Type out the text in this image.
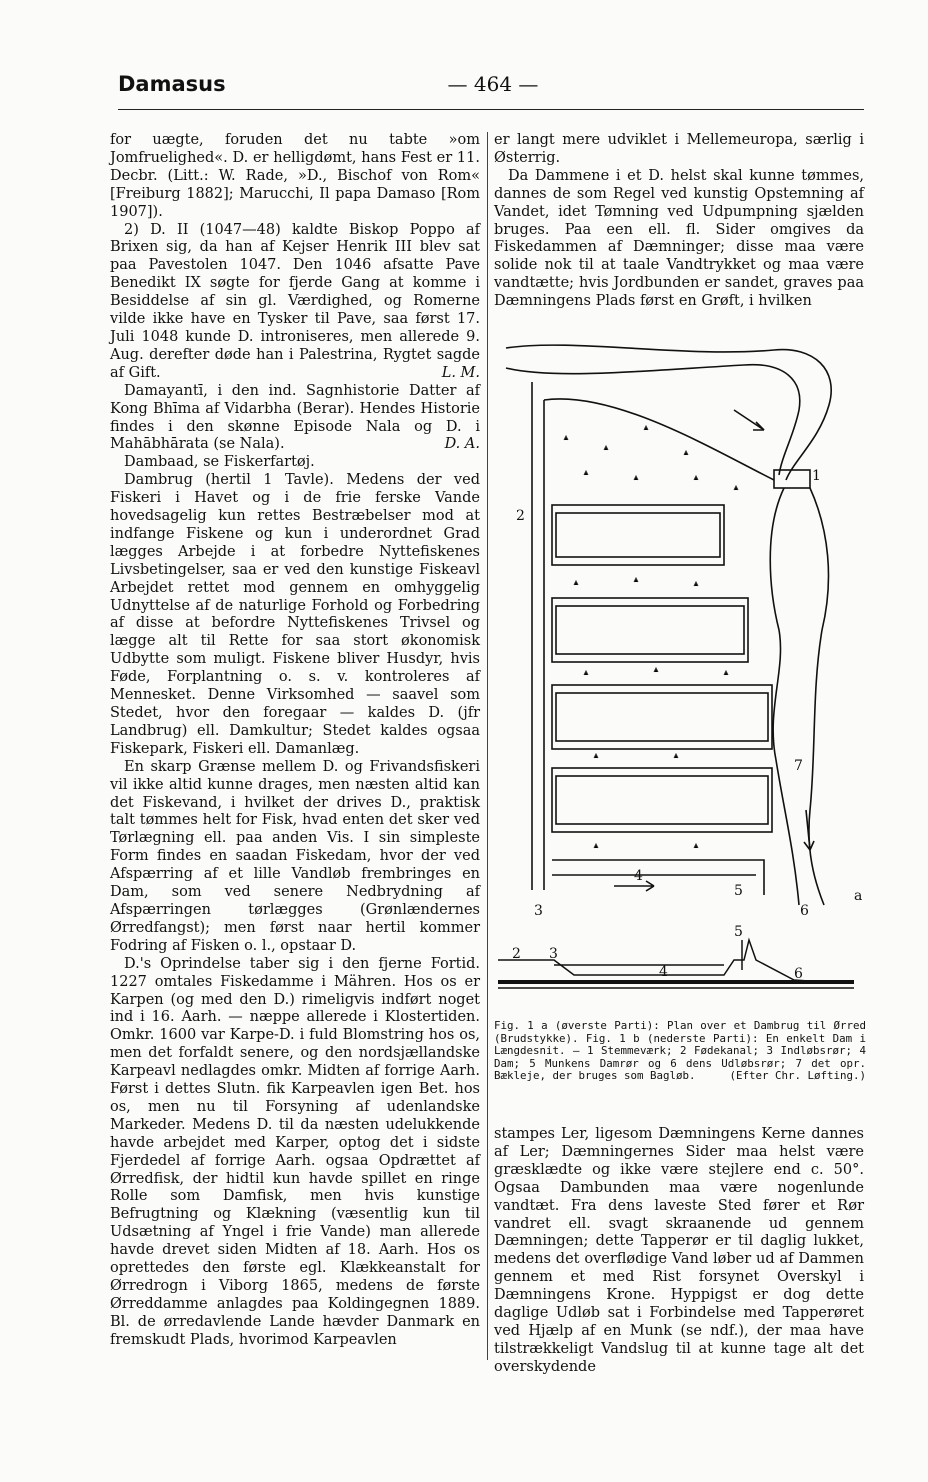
Damasus	— 464 —

for uægte, foruden det nu tabte »om Jomfruelighed«. D. er helligdømt, hans Fest er 11. Decbr. (Litt.: W. Rade, »D., Bischof von Rom« [Freiburg 1882]; Marucchi, Il papa Damaso [Rom 1907]).

2) D. II (1047—48) kaldte Biskop Poppo af Brixen sig, da han af Kejser Henrik III blev sat paa Pavestolen 1047. Den 1046 afsatte Pave Benedikt IX søgte for fjerde Gang at komme i Besiddelse af sin gl. Værdighed, og Romerne vilde ikke have en Tysker til Pave, saa først 17. Juli 1048 kunde D. introniseres, men allerede 9. Aug. derefter døde han i Palestrina, Rygtet sagde af Gift.	L. M.

Damayantī, i den ind. Sagnhistorie Datter af Kong Bhīma af Vidarbha (Berar). Hendes Historie findes i den skønne Episode Nala og D. i Mahābhārata (se Nala).	D. A.

Dambaad, se Fiskerfartøj.

Dambrug (hertil 1 Tavle). Medens der ved Fiskeri i Havet og i de frie ferske Vande hovedsagelig kun rettes Bestræbelser mod at indfange Fiskene og kun i underordnet Grad lægges Arbejde i at forbedre Nyttefiskenes Livsbetingelser, saa er ved den kunstige Fiskeavl Arbejdet rettet mod gennem en omhyggelig Udnyttelse af de naturlige Forhold og Forbedring af disse at befordre Nyttefiskenes Trivsel og lægge alt til Rette for saa stort økonomisk Udbytte som muligt. Fiskene bliver Husdyr, hvis Føde, Forplantning o. s. v. kontroleres af Mennesket. Denne Virksomhed — saavel som Stedet, hvor den foregaar — kaldes D. (jfr Landbrug) ell. Damkultur; Stedet kaldes ogsaa Fiskepark, Fiskeri ell. Damanlæg.

En skarp Grænse mellem D. og Frivandsfiskeri vil ikke altid kunne drages, men næsten altid kan det Fiskevand, i hvilket der drives D., praktisk talt tømmes helt for Fisk, hvad enten det sker ved Tørlægning ell. paa anden Vis. I sin simpleste Form findes en saadan Fiskedam, hvor der ved Afspærring af et lille Vandløb frembringes en Dam, som ved senere Nedbrydning af Afspærringen tørlægges (Grønlændernes Ørredfangst); men først naar hertil kommer Fodring af Fisken o. l., opstaar D.

D.'s Oprindelse taber sig i den fjerne Fortid. 1227 omtales Fiskedamme i Mähren. Hos os er Karpen (og med den D.) rimeligvis indført noget ind i 16. Aarh. — næppe allerede i Klostertiden. Omkr. 1600 var Karpe-D. i fuld Blomstring hos os, men det forfaldt senere, og den nordsjællandske Karpeavl nedlagdes omkr. Midten af forrige Aarh. Først i dettes Slutn. fik Karpeavlen igen Bet. hos os, men nu til Forsyning af udenlandske Markeder. Medens D. til da næsten udelukkende havde arbejdet med Karper, optog det i sidste Fjerdedel af forrige Aarh. ogsaa Opdrættet af Ørredfisk, der hidtil kun havde spillet en ringe Rolle som Damfisk, men hvis kunstige Befrugtning og Klækning (væsentlig kun til Udsætning af Yngel i frie Vande) man allerede havde drevet siden Midten af 18. Aarh. Hos os oprettedes den første egl. Klækkeanstalt for Ørredrogn i Viborg 1865, medens de første Ørreddamme anlagdes paa Koldingegnen 1889. Bl. de ørredavlende Lande hævder Danmark en fremskudt Plads, hvorimod Karpeavlen

er langt mere udviklet i Mellemeuropa, særlig i Østerrig.

Da Dammene i et D. helst skal kunne tømmes, dannes de som Regel ved kunstig Opstemning af Vandet, idet Tømning ved Udpumpning sjælden bruges. Paa een ell. fl. Sider omgives da Fiskedammen af Dæmninger; disse maa være solide nok til at taale Vandtrykket og maa være vandtætte; hvis Jordbunden er sandet, graves paa Dæmningens Plads først en Grøft, i hvilken

1
2
3
4
5
6
7
a
2 3
4
5
6

Fig. 1 a (øverste Parti): Plan over et Dambrug til Ørred (Brudstykke). Fig. 1 b (nederste Parti): En enkelt Dam i Længdesnit. — 1 Stemmeværk; 2 Fødekanal; 3 Indløbsrør; 4 Dam; 5 Munkens Damrør og 6 dens Udløbsrør; 7 det opr. Bækleje, der bruges som Bagløb.	(Efter Chr. Løfting.)

stampes Ler, ligesom Dæmningens Kerne dannes af Ler; Dæmningernes Sider maa helst være græsklædte og ikke være stejlere end c. 50°. Ogsaa Dambunden maa være nogenlunde vandtæt. Fra dens laveste Sted fører et Rør vandret ell. svagt skraanende ud gennem Dæmningen; dette Tapperør er til daglig lukket, medens det overflødige Vand løber ud af Dammen gennem et med Rist forsynet Overskyl i Dæmningens Krone. Hyppigst er dog dette daglige Udløb sat i Forbindelse med Tapperøret ved Hjælp af en Munk (se ndf.), der maa have tilstrækkeligt Vandslug til at kunne tage alt det overskydende
